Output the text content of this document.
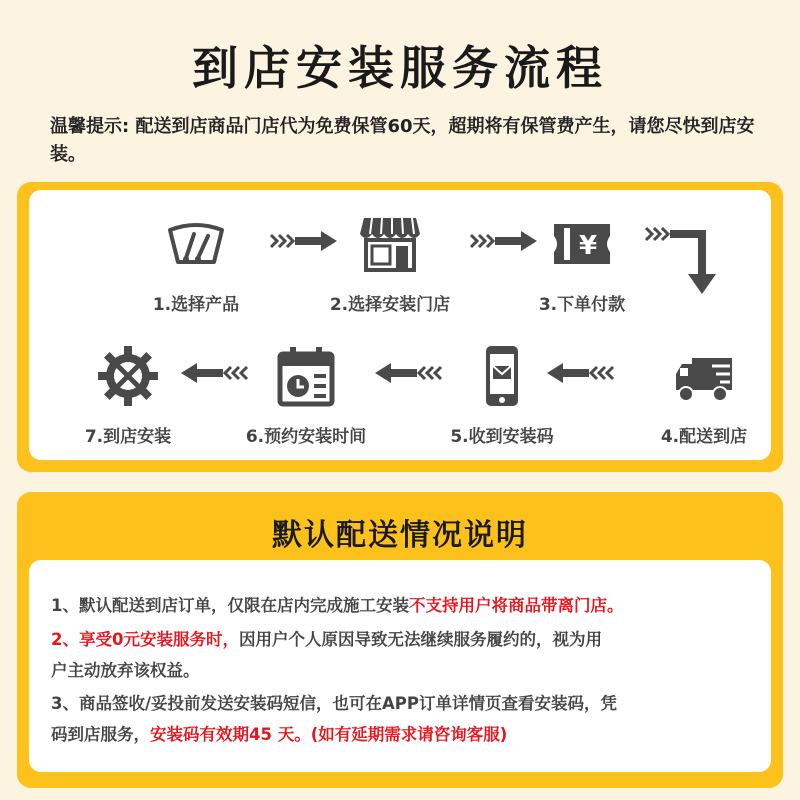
到店安装服务流程
温馨提示: 配送到店商品门店代为免费保管60天，超期将有保管费产生，请您尽快到店安装。
1.选择产品	2.选择安装门店
¥
3.下单付款
4.配送到店
5.收到安装码
6.预约安装时间
7.到店安装
默认配送情况说明
1、默认配送到店订单，仅限在店内完成施工安装不支持用户将商品带离门店。
2、享受0元安装服务时，因用户个人原因导致无法继续服务履约的，视为用
户主动放弃该权益。
3、商品签收/妥投前发送安装码短信，也可在APP订单详情页查看安装码，凭
码到店服务，安装码有效期45 天。(如有延期需求请咨询客服)
